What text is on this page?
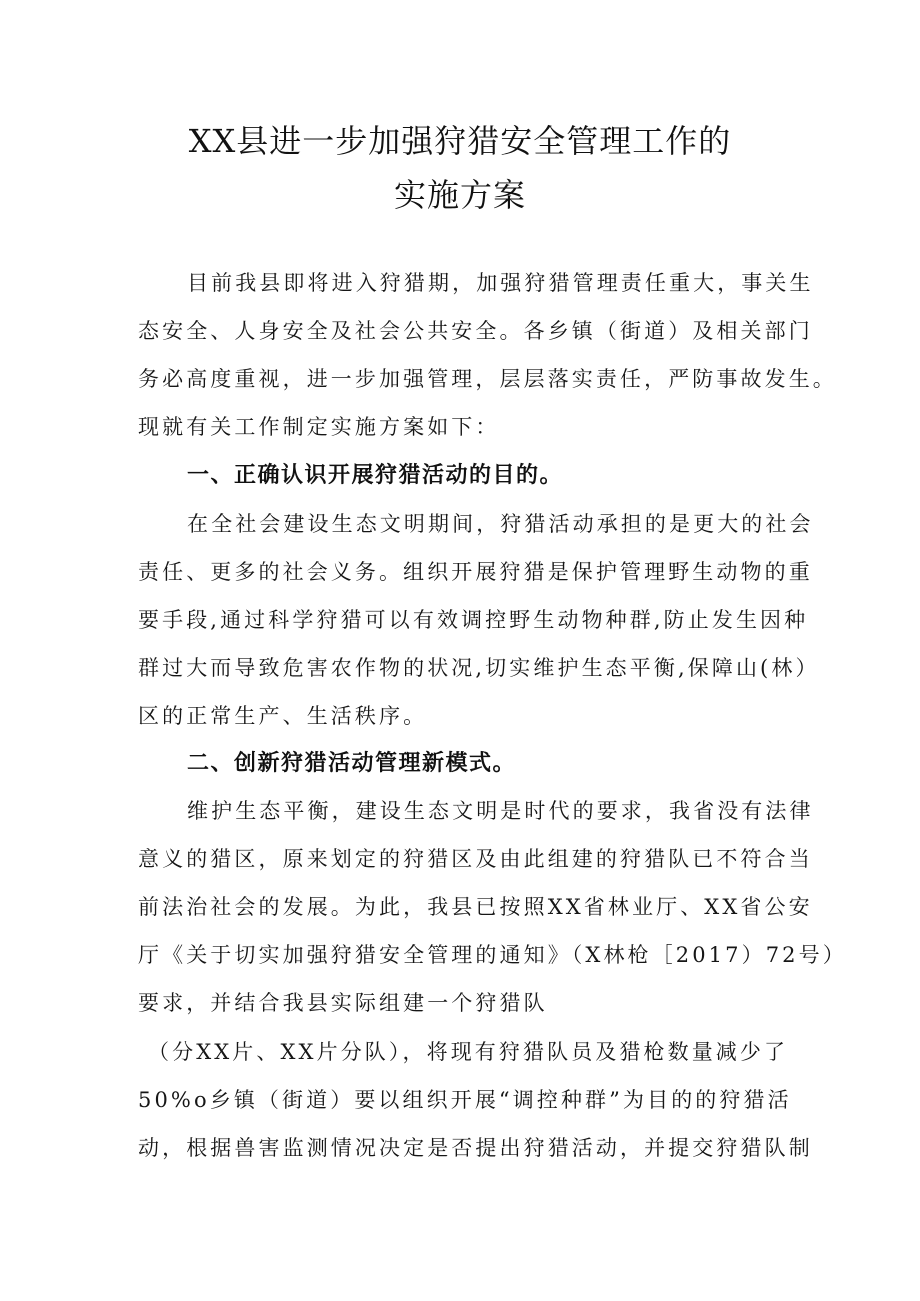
XX县进一步加强狩猎安全管理工作的
实施方案
目前我县即将进入狩猎期，加强狩猎管理责任重大，事关生
态安全、人身安全及社会公共安全。各乡镇（街道）及相关部门
务必高度重视，进一步加强管理，层层落实责任，严防事故发生。
现就有关工作制定实施方案如下：
一、正确认识开展狩猎活动的目的。
在全社会建设生态文明期间，狩猎活动承担的是更大的社会
责任、更多的社会义务。组织开展狩猎是保护管理野生动物的重
要手段,通过科学狩猎可以有效调控野生动物种群,防止发生因种
群过大而导致危害农作物的状况,切实维护生态平衡,保障山(林）
区的正常生产、生活秩序。
二、创新狩猎活动管理新模式。
维护生态平衡，建设生态文明是时代的要求，我省没有法律
意义的猎区，原来划定的狩猎区及由此组建的狩猎队已不符合当
前法治社会的发展。为此，我县已按照XX省林业厅、XX省公安
厅《关于切实加强狩猎安全管理的通知》（X林枪［2017）72号）
要求，并结合我县实际组建一个狩猎队
（分XX片、XX片分队），将现有狩猎队员及猎枪数量减少了
50%o乡镇（街道）要以组织开展“调控种群”为目的的狩猎活
动，根据兽害监测情况决定是否提出狩猎活动，并提交狩猎队制
